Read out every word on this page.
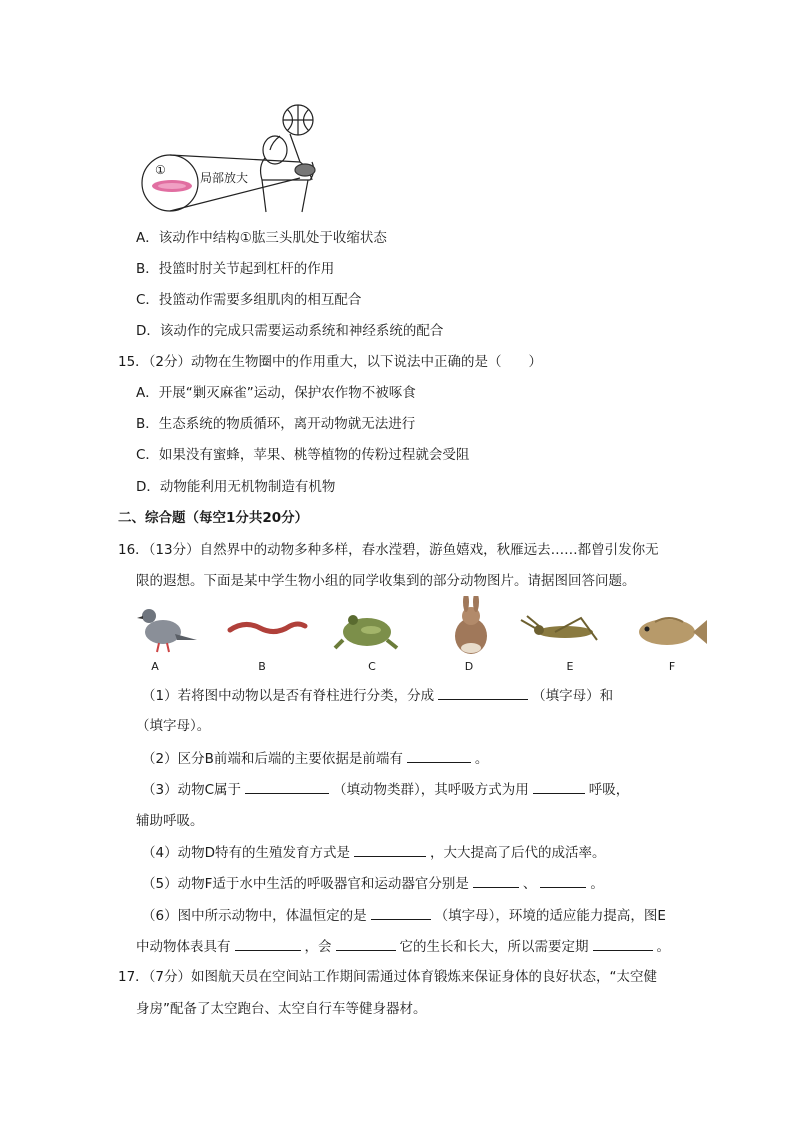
①
局部放大
A．该动作中结构①肱三头肌处于收缩状态
B．投篮时肘关节起到杠杆的作用
C．投篮动作需要多组肌肉的相互配合
D．该动作的完成只需要运动系统和神经系统的配合
15．（2分）动物在生物圈中的作用重大，以下说法中正确的是（　　）
A．开展“剿灭麻雀”运动，保护农作物不被啄食
B．生态系统的物质循环，离开动物就无法进行
C．如果没有蜜蜂，苹果、桃等植物的传粉过程就会受阻
D．动物能利用无机物制造有机物
二、综合题（每空1分共20分）
16．（13分）自然界中的动物多种多样，春水滢碧，游鱼嬉戏，秋雁远去……都曾引发你无
限的遐想。下面是某中学生物小组的同学收集到的部分动物图片。请据图回答问题。
A	B	C	D	E	F
（1）若将图中动物以是否有脊柱进行分类，分成	（填字母）和
（填字母）。
（2）区分B前端和后端的主要依据是前端有	。
（3）动物C属于	（填动物类群），其呼吸方式为用	呼吸，
辅助呼吸。
（4）动物D特有的生殖发育方式是	，大大提高了后代的成活率。
（5）动物F适于水中生活的呼吸器官和运动器官分别是	、	。
（6）图中所示动物中，体温恒定的是	（填字母），环境的适应能力提高，图E
中动物体表具有	，会	它的生长和长大，所以需要定期	。
17．（7分）如图航天员在空间站工作期间需通过体育锻炼来保证身体的良好状态，“太空健
身房”配备了太空跑台、太空自行车等健身器材。
